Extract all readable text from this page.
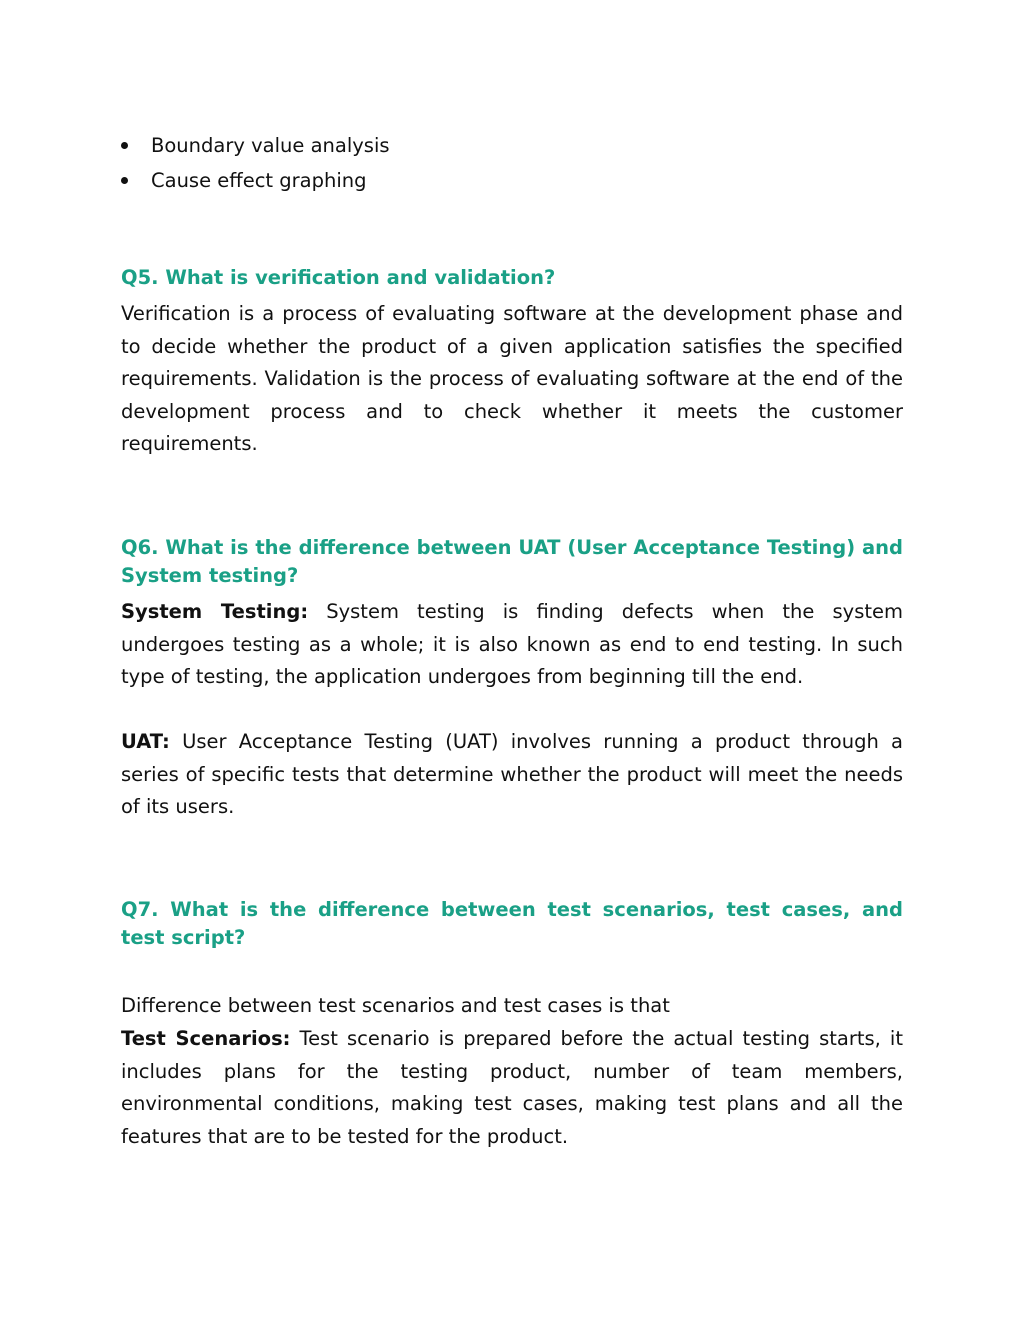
Boundary value analysis
Cause effect graphing
Q5. What is verification and validation?

Verification is a process of evaluating software at the development phase and to decide whether the product of a given application satisfies the specified requirements. Validation is the process of evaluating software at the end of the development process and to check whether it meets the customer requirements.

Q6. What is the difference between UAT (User Acceptance Testing) and System testing?

System Testing: System testing is finding defects when the system undergoes testing as a whole; it is also known as end to end testing. In such type of testing, the application undergoes from beginning till the end.

UAT: User Acceptance Testing (UAT) involves running a product through a series of specific tests that determine whether the product will meet the needs of its users.

Q7. What is the difference between test scenarios, test cases, and test script?

Difference between test scenarios and test cases is that

Test Scenarios: Test scenario is prepared before the actual testing starts, it includes plans for the testing product, number of team members, environmental conditions, making test cases, making test plans and all the features that are to be tested for the product.
